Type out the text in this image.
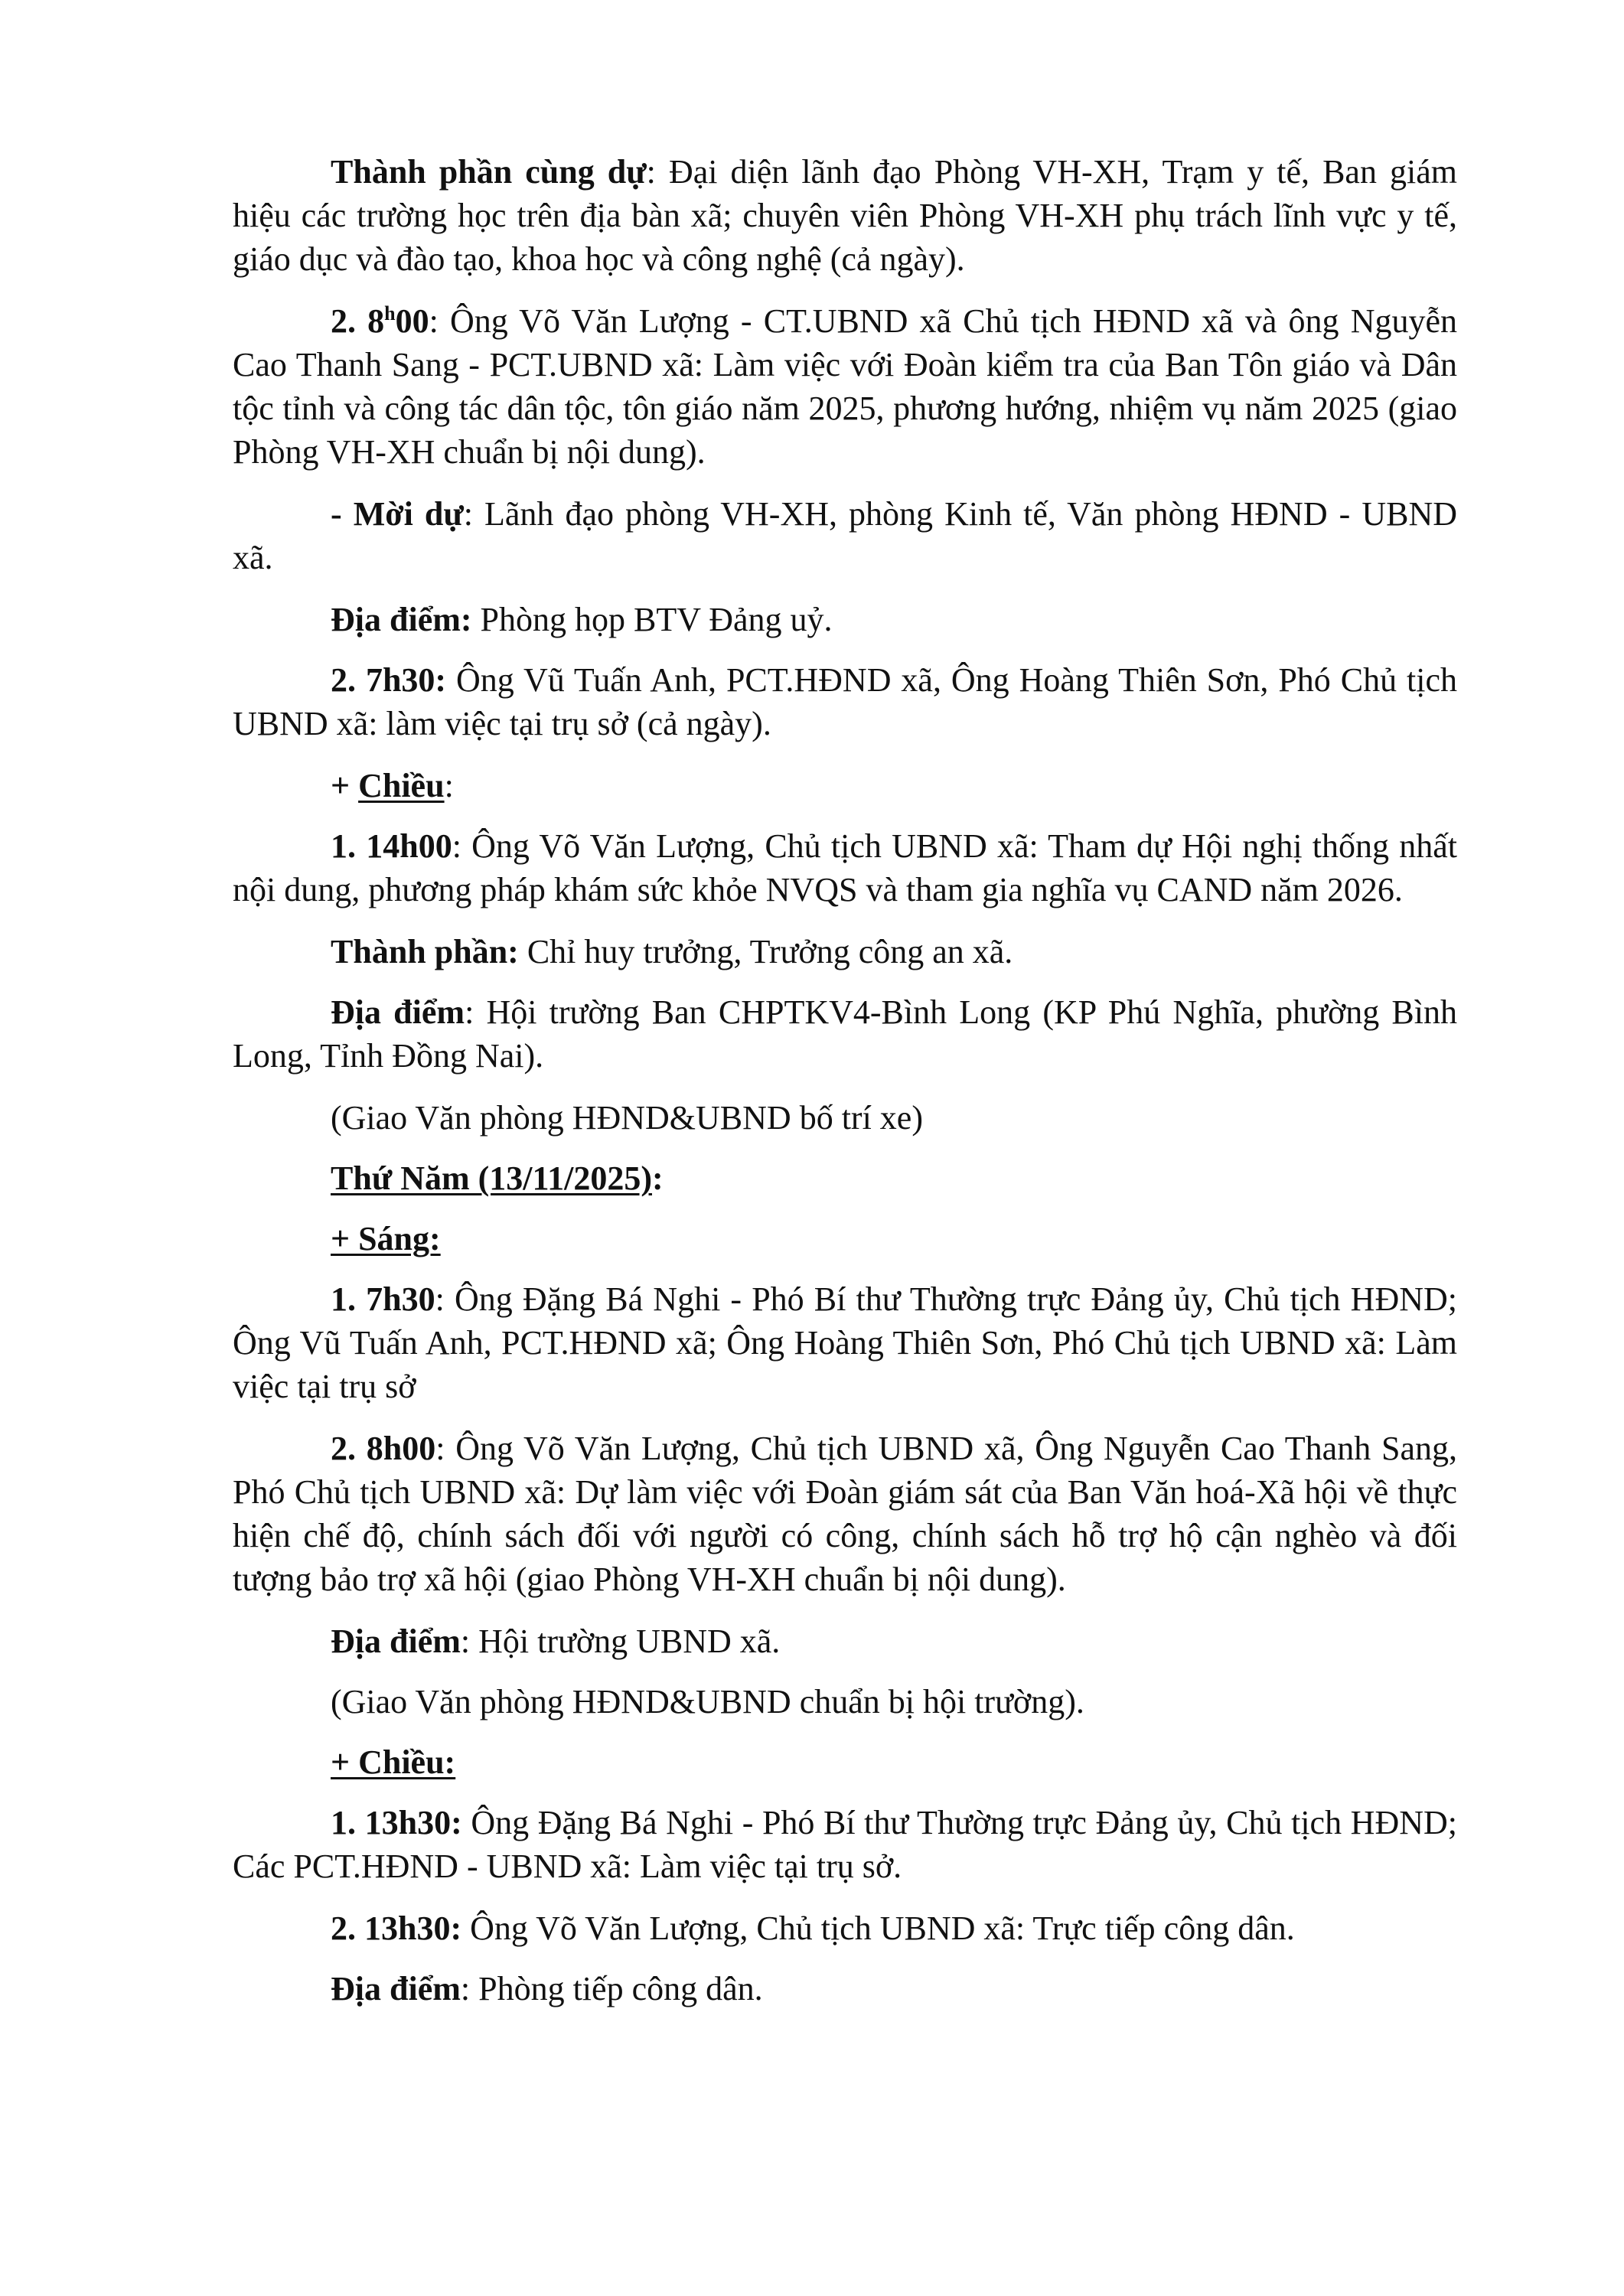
Thành phần cùng dự: Đại diện lãnh đạo Phòng VH-XH, Trạm y tế, Ban giám hiệu các trường học trên địa bàn xã; chuyên viên Phòng VH-XH phụ trách lĩnh vực y tế, giáo dục và đào tạo, khoa học và công nghệ (cả ngày).

2. 8$^h$00: Ông Võ Văn Lượng - CT.UBND xã Chủ tịch HĐND xã và ông Nguyễn Cao Thanh Sang - PCT.UBND xã: Làm việc với Đoàn kiểm tra của Ban Tôn giáo và Dân tộc tỉnh và công tác dân tộc, tôn giáo năm 2025, phương hướng, nhiệm vụ năm 2025 (giao Phòng VH-XH chuẩn bị nội dung).

- Mời dự: Lãnh đạo phòng VH-XH, phòng Kinh tế, Văn phòng HĐND - UBND xã.

Địa điểm: Phòng họp BTV Đảng uỷ.

2. 7h30: Ông Vũ Tuấn Anh, PCT.HĐND xã, Ông Hoàng Thiên Sơn, Phó Chủ tịch UBND xã: làm việc tại trụ sở (cả ngày).

+ Chiều:

1. 14h00: Ông Võ Văn Lượng, Chủ tịch UBND xã: Tham dự Hội nghị thống nhất nội dung, phương pháp khám sức khỏe NVQS và tham gia nghĩa vụ CAND năm 2026.

Thành phần: Chỉ huy trưởng, Trưởng công an xã.

Địa điểm: Hội trường Ban CHPTKV4-Bình Long (KP Phú Nghĩa, phường Bình Long, Tỉnh Đồng Nai).

(Giao Văn phòng HĐND&UBND bố trí xe)

Thứ Năm (13/11/2025):

+ Sáng:

1. 7h30: Ông Đặng Bá Nghi - Phó Bí thư Thường trực Đảng ủy, Chủ tịch HĐND; Ông Vũ Tuấn Anh, PCT.HĐND xã; Ông Hoàng Thiên Sơn, Phó Chủ tịch UBND xã: Làm việc tại trụ sở

2. 8h00: Ông Võ Văn Lượng, Chủ tịch UBND xã, Ông Nguyễn Cao Thanh Sang, Phó Chủ tịch UBND xã: Dự làm việc với Đoàn giám sát của Ban Văn hoá-Xã hội về thực hiện chế độ, chính sách đối với người có công, chính sách hỗ trợ hộ cận nghèo và đối tượng bảo trợ xã hội (giao Phòng VH-XH chuẩn bị nội dung).

Địa điểm: Hội trường UBND xã.

(Giao Văn phòng HĐND&UBND chuẩn bị hội trường).

+ Chiều:

1. 13h30: Ông Đặng Bá Nghi - Phó Bí thư Thường trực Đảng ủy, Chủ tịch HĐND; Các PCT.HĐND - UBND xã: Làm việc tại trụ sở.

2. 13h30: Ông Võ Văn Lượng, Chủ tịch UBND xã: Trực tiếp công dân.

Địa điểm: Phòng tiếp công dân.
